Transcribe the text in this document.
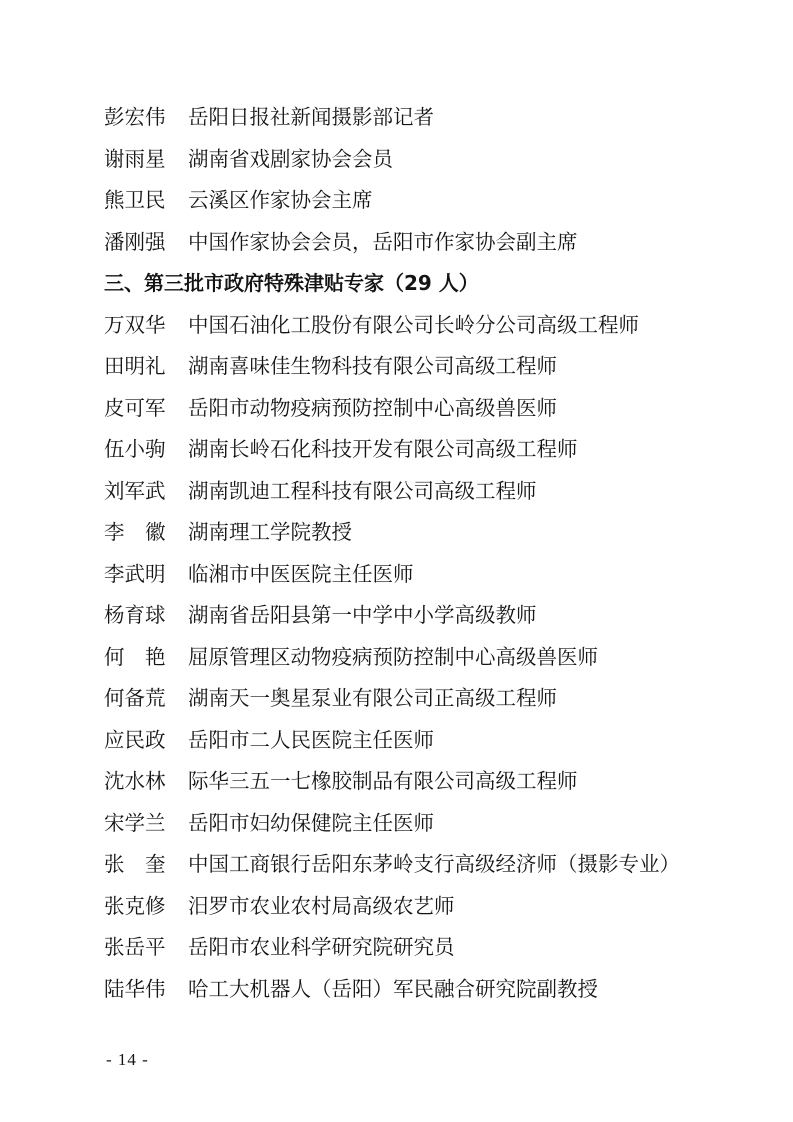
彭宏伟 岳阳日报社新闻摄影部记者
谢雨星 湖南省戏剧家协会会员
熊卫民 云溪区作家协会主席
潘刚强 中国作家协会会员，岳阳市作家协会副主席
三、第三批市政府特殊津贴专家（29 人）
万双华 中国石油化工股份有限公司长岭分公司高级工程师
田明礼 湖南喜味佳生物科技有限公司高级工程师
皮可军 岳阳市动物疫病预防控制中心高级兽医师
伍小驹 湖南长岭石化科技开发有限公司高级工程师
刘军武 湖南凯迪工程科技有限公司高级工程师
李　徽 湖南理工学院教授
李武明 临湘市中医医院主任医师
杨育球 湖南省岳阳县第一中学中小学高级教师
何　艳 屈原管理区动物疫病预防控制中心高级兽医师
何备荒 湖南天一奥星泵业有限公司正高级工程师
应民政 岳阳市二人民医院主任医师
沈水林 际华三五一七橡胶制品有限公司高级工程师
宋学兰 岳阳市妇幼保健院主任医师
张　奎 中国工商银行岳阳东茅岭支行高级经济师（摄影专业）
张克修 汨罗市农业农村局高级农艺师
张岳平 岳阳市农业科学研究院研究员
陆华伟 哈工大机器人（岳阳）军民融合研究院副教授
- 14 -
